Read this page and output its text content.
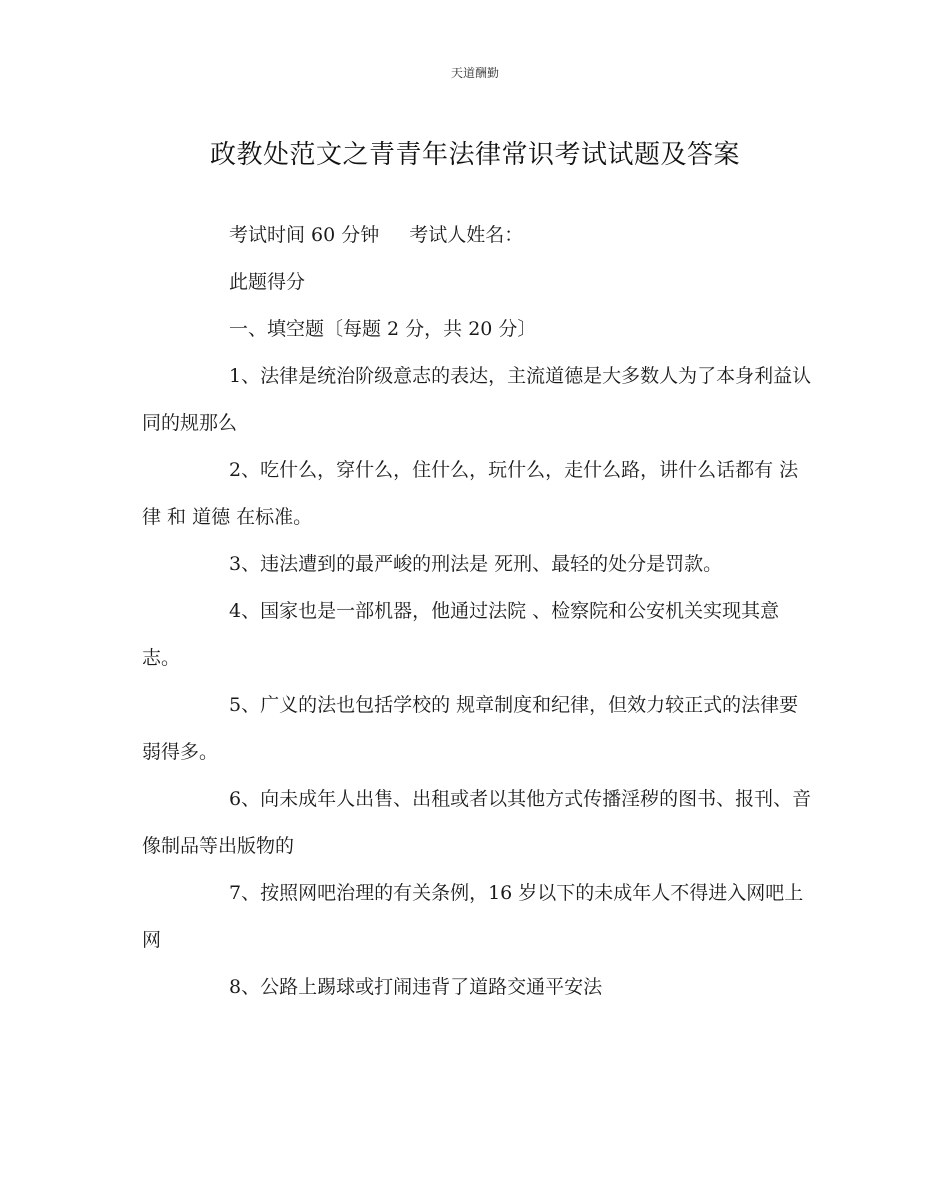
天道酬勤
政教处范文之青青年法律常识考试试题及答案

考试时间 60 分钟 考试人姓名：

此题得分

一、填空题〔每题 2 分，共 20 分〕

1、法律是统治阶级意志的表达，主流道德是大多数人为了本身利益认同的规那么

2、吃什么，穿什么，住什么，玩什么，走什么路，讲什么话都有 法律 和 道德 在标准。

3、违法遭到的最严峻的刑法是 死刑、最轻的处分是罚款。

4、国家也是一部机器，他通过法院 、检察院和公安机关实现其意志。

5、广义的法也包括学校的 规章制度和纪律，但效力较正式的法律要弱得多。

6、向未成年人出售、出租或者以其他方式传播淫秽的图书、报刊、音像制品等出版物的

7、按照网吧治理的有关条例，16 岁以下的未成年人不得进入网吧上网

8、公路上踢球或打闹违背了道路交通平安法
